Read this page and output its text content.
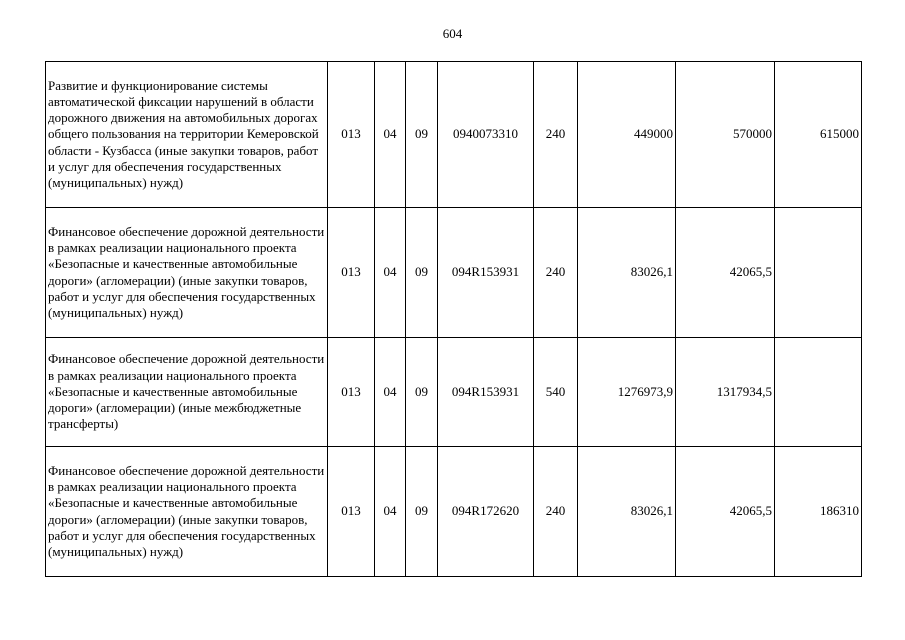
604
Развитие и функционирование системы автоматической фиксации нарушений в области дорожного движения на автомобильных дорогах общего пользования на территории Кемеровской области - Кузбасса (иные закупки товаров, работ и услуг для обеспечения государственных (муниципальных) нужд)	013	04	09	0940073310	240	449000	570000	615000
Финансовое обеспечение дорожной деятельности в рамках реализации национального проекта «Безопасные и качественные автомобильные дороги» (агломерации) (иные закупки товаров, работ и услуг для обеспечения государственных (муниципальных) нужд)	013	04	09	094R153931	240	83026,1	42065,5	
Финансовое обеспечение дорожной деятельности в рамках реализации национального проекта «Безопасные и качественные автомобильные дороги» (агломерации) (иные межбюджетные трансферты)	013	04	09	094R153931	540	1276973,9	1317934,5	
Финансовое обеспечение дорожной деятельности в рамках реализации национального проекта «Безопасные и качественные автомобильные дороги» (агломерации) (иные закупки товаров, работ и услуг для обеспечения государственных (муниципальных) нужд)	013	04	09	094R172620	240	83026,1	42065,5	186310
